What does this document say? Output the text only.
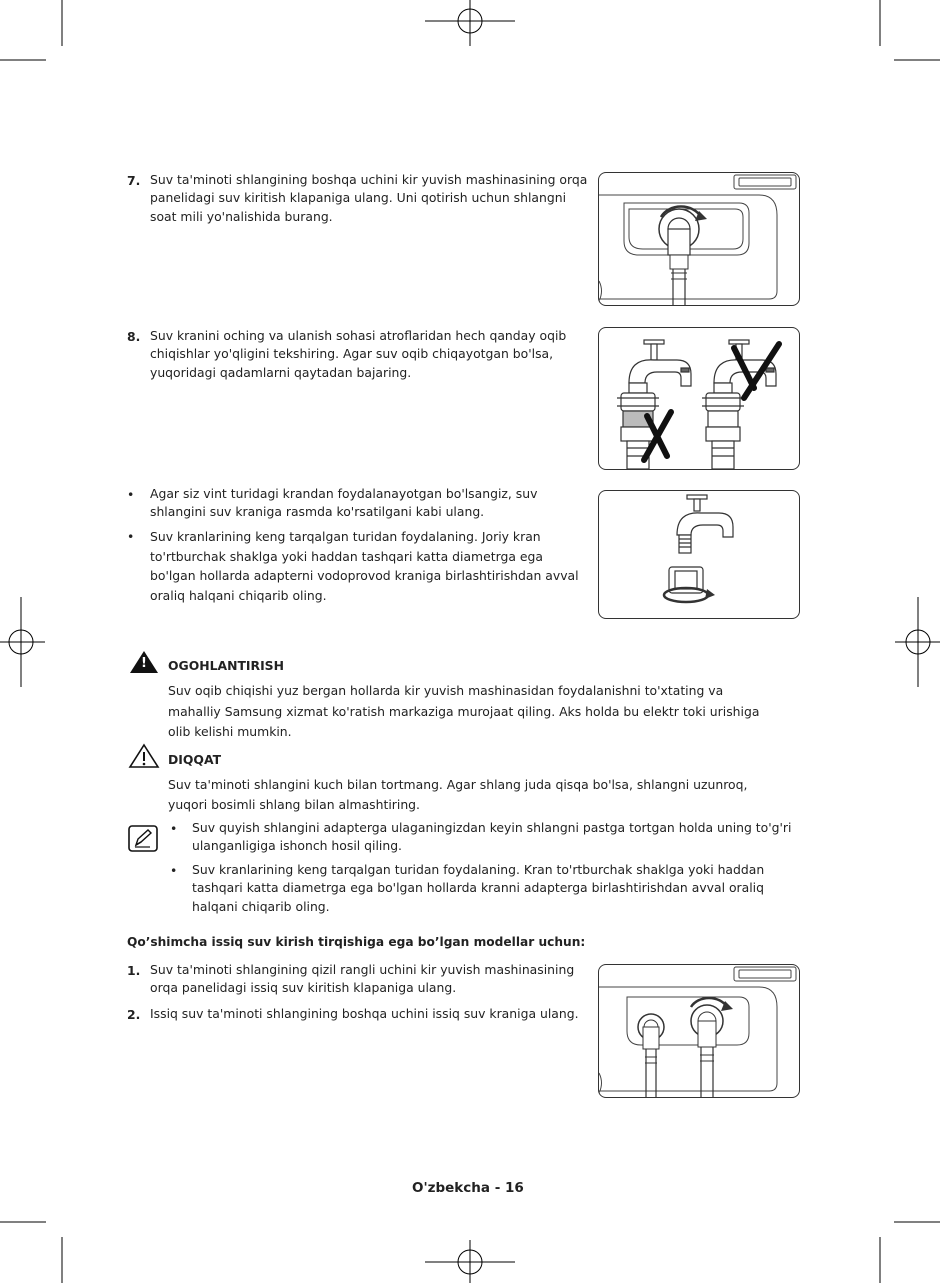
7. Suv ta'minoti shlangining boshqa uchini kir yuvish mashinasining orqa panelidagi suv kiritish klapaniga ulang. Uni qotirish uchun shlangni soat mili yo'nalishida burang.
8. Suv kranini oching va ulanish sohasi atroflaridan hech qanday oqib chiqishlar yo'qligini tekshiring. Agar suv oqib chiqayotgan bo'lsa, yuqoridagi qadamlarni qaytadan bajaring.
• Agar siz vint turidagi krandan foydalanayotgan bo'lsangiz, suv shlangini suv kraniga rasmda ko'rsatilgani kabi ulang.
• Suv kranlarining keng tarqalgan turidan foydalaning. Joriy kran to'rtburchak shaklga yoki haddan tashqari katta diametrga ega bo'lgan hollarda adapterni vodoprovod kraniga birlashtirishdan avval oraliq halqani chiqarib oling.
!	OGOHLANTIRISH
Suv oqib chiqishi yuz bergan hollarda kir yuvish mashinasidan foydalanishni to'xtating va mahalliy Samsung xizmat ko'ratish markaziga murojaat qiling. Aks holda bu elektr toki urishiga olib kelishi mumkin.
DIQQAT
Suv ta'minoti shlangini kuch bilan tortmang. Agar shlang juda qisqa bo'lsa, shlangni uzunroq, yuqori bosimli shlang bilan almashtiring.
• Suv quyish shlangini adapterga ulaganingizdan keyin shlangni pastga tortgan holda uning to'g'ri ulanganligiga ishonch hosil qiling.
• Suv kranlarining keng tarqalgan turidan foydalaning. Kran to'rtburchak shaklga yoki haddan tashqari katta diametrga ega bo'lgan hollarda kranni adapterga birlashtirishdan avval oraliq halqani chiqarib oling.
Qo’shimcha issiq suv kirish tirqishiga ega bo’lgan modellar uchun:
1. Suv ta'minoti shlangining qizil rangli uchini kir yuvish mashinasining orqa panelidagi issiq suv kiritish klapaniga ulang.
2. Issiq suv ta'minoti shlangining boshqa uchini issiq suv kraniga ulang.
O'zbekcha - 16
